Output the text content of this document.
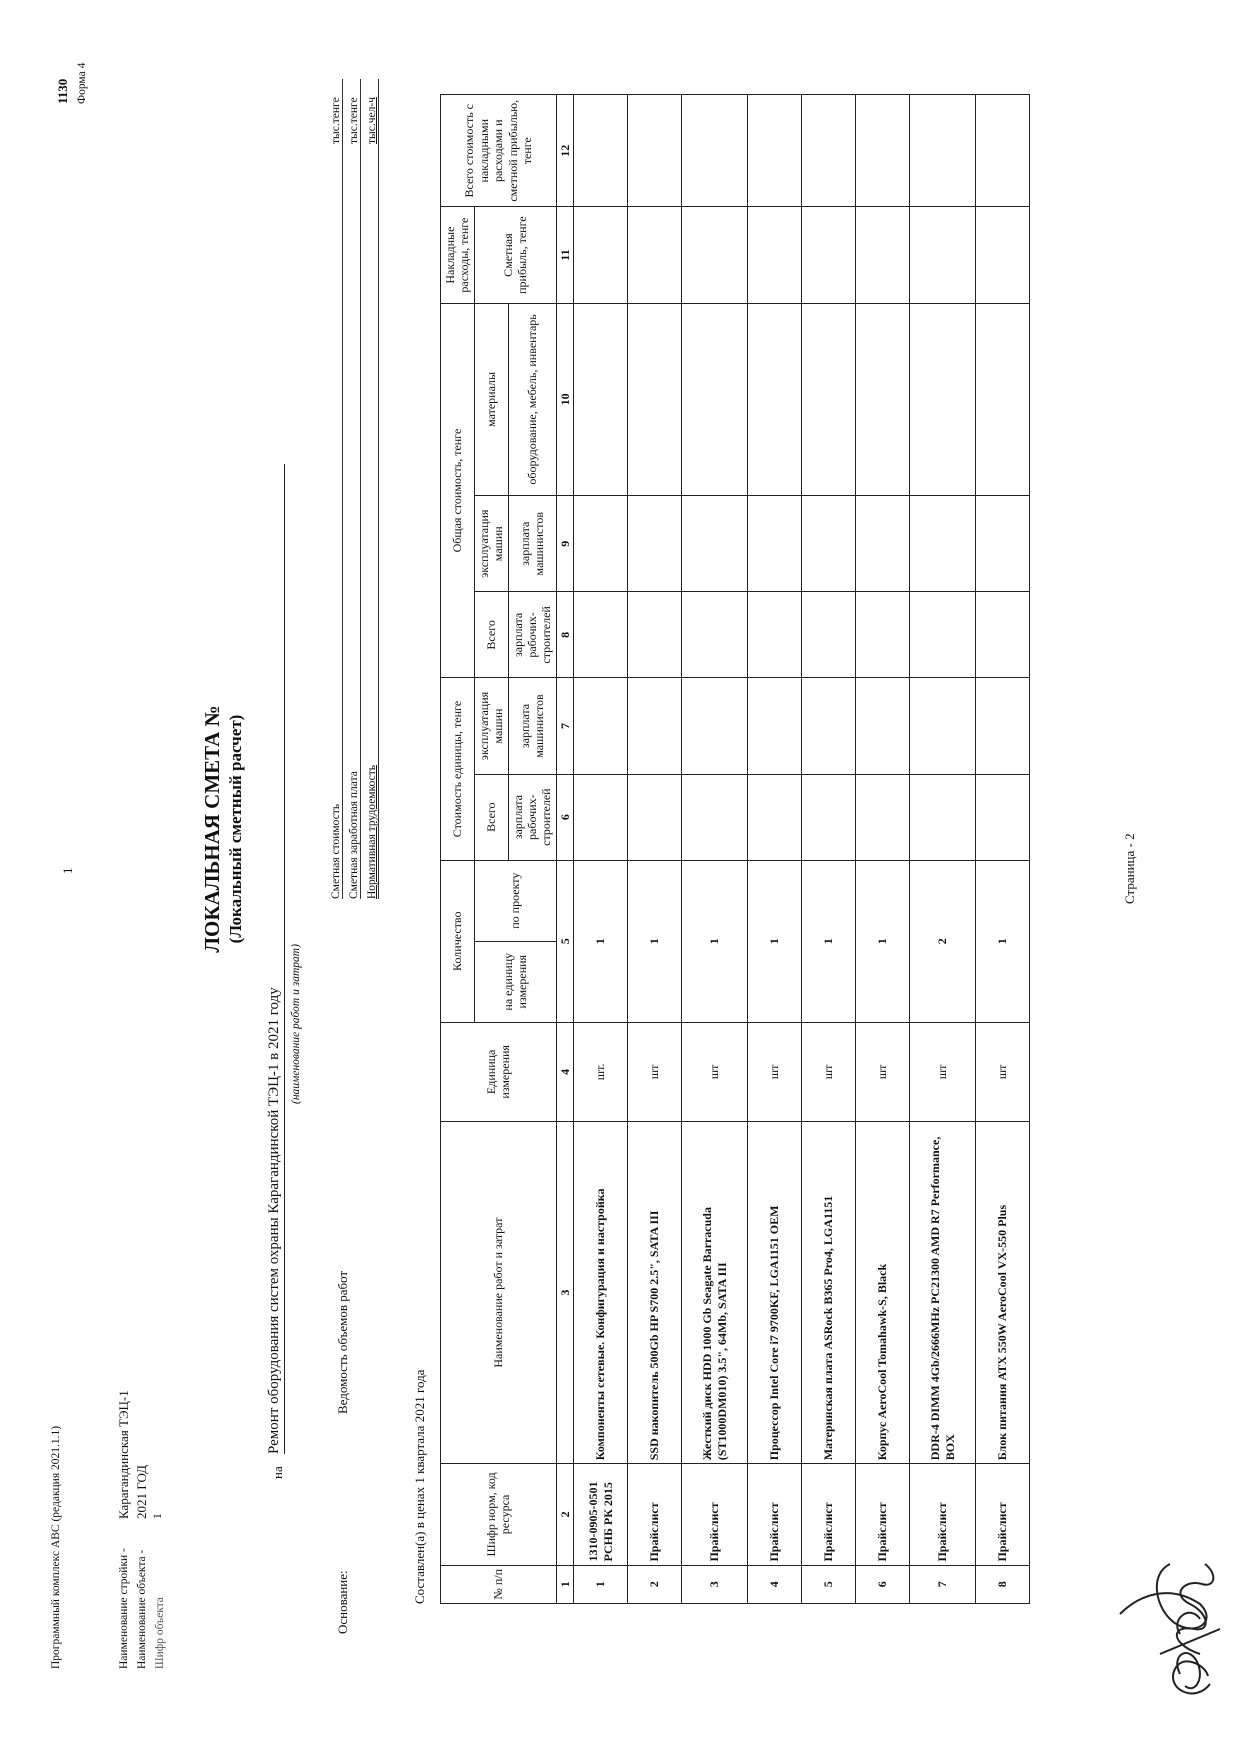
Программный комплекс АВС (редакция 2021.1.1)
1
1130 Форма 4
Наименование стройки -
Карагандинская ТЭЦ-1
Наименование объекта -
2021 ГОД
Шифр объекта
1
ЛОКАЛЬНАЯ СМЕТА № (Локальный сметный расчет)
на
Ремонт оборудования систем охраны Карагандинской ТЭЦ-1 в 2021 году (наименование работ и затрат)
Основание:
Ведомость объемов работ
Сметная стоимость
тыс.тенге
Сметная заработная плата
тыс.тенге
Нормативная трудоемкость
тыс.чел-ч
Составлен(а) в ценах 1 квартала 2021 года	№ п/п	Шифр норм, код ресурса	Наименование работ и затрат	Единица измерения	Количество		Стоимость единицы, тенге		Общая стоимость, тенге			Накладные расходы, тенге	Всего стоимость с накладными расходами и сметной прибылью, тенге
				на единицу измерения	по проекту	Всего	эксплуатация машин	Всего	эксплуатация машин	материалы	Сметная прибыль, тенге	
						зарплата рабочих-строителей	зарплата машинистов	зарплата рабочих-строителей	зарплата машинистов	оборудование, мебель, инвентарь		
1	2	3	4	5		6	7	8	9	10	11	12
1	1310-0905-0501 РСНБ РК 2015	Компоненты сетевые. Конфигурация и настройка	шт.	1								
2	Прайслист	SSD накопитель 500Gb HP S700 2.5", SATA III	шт	1								
3	Прайслист	Жесткий диск HDD 1000 Gb Seagate Barracuda (ST1000DM010) 3.5", 64Mb, SATA III	шт	1								
4	Прайслист	Процессор Intel Core i7 9700KF, LGA1151 OEM	шт	1								
5	Прайслист	Материнская плата ASRock B365 Pro4, LGA1151	шт	1								
6	Прайслист	Корпус AeroCool Tomahawk-S, Black	шт	1								
7	Прайслист	DDR-4 DIMM 4Gb/2666MHz PC21300 AMD R7 Performance, BOX	шт	2								
8	Прайслист	Блок питания ATX 550W AeroCool VX-550 Plus	шт	1								
Страница - 2
